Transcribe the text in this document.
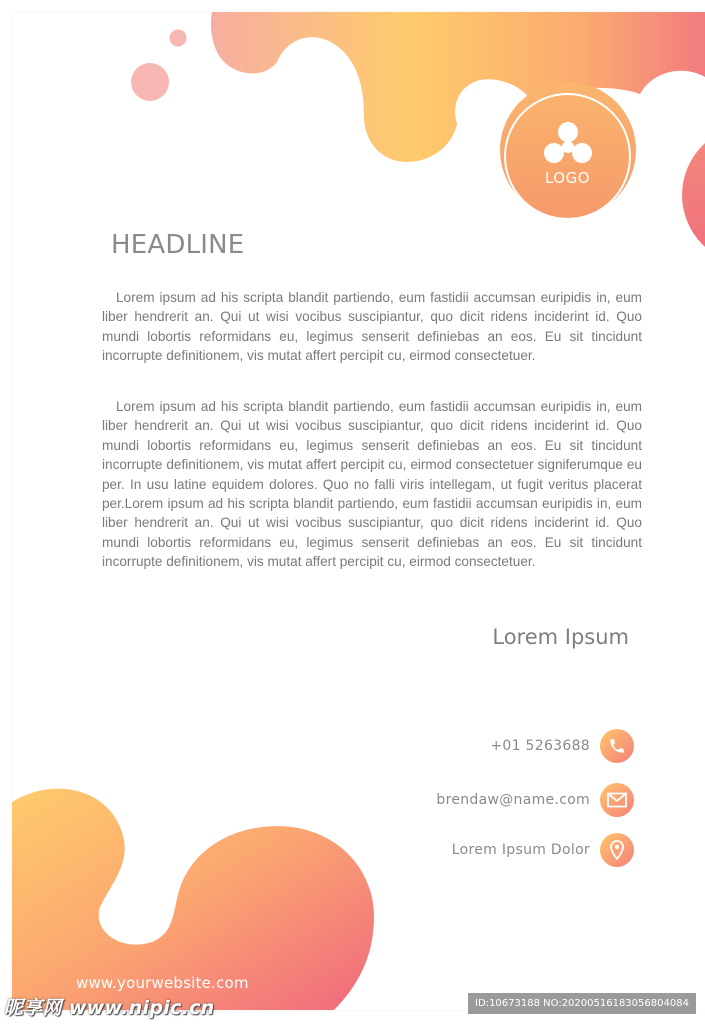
LOGO
HEADLINE

Lorem ipsum ad his scripta blandit partiendo, eum fastidii accumsan euripidis in, eum liber hendrerit an. Qui ut wisi vocibus suscipiantur, quo dicit ridens inciderint id. Quo mundi lobortis reformidans eu, legimus senserit definiebas an eos. Eu sit tincidunt incorrupte definitionem, vis mutat affert percipit cu, eirmod consectetuer.

Lorem ipsum ad his scripta blandit partiendo, eum fastidii accumsan euripidis in, eum liber hendrerit an. Qui ut wisi vocibus suscipiantur, quo dicit ridens inciderint id. Quo mundi lobortis reformidans eu, legimus senserit definiebas an eos. Eu sit tincidunt incorrupte definitionem, vis mutat affert percipit cu, eirmod consectetuer signiferumque eu per. In usu latine equidem dolores. Quo no falli viris intellegam, ut fugit veritus placerat per.Lorem ipsum ad his scripta blandit partiendo, eum fastidii accumsan euripidis in, eum liber hendrerit an. Qui ut wisi vocibus suscipiantur, quo dicit ridens inciderint id. Quo mundi lobortis reformidans eu, legimus senserit definiebas an eos. Eu sit tincidunt incorrupte definitionem, vis mutat affert percipit cu, eirmod consectetuer.

Lorem Ipsum

+01 5263688
brendaw@name.com
Lorem Ipsum Dolor

www.yourwebsite.com

昵享网 www.nipic.cn	ID:10673188 NO:20200516183056804084
